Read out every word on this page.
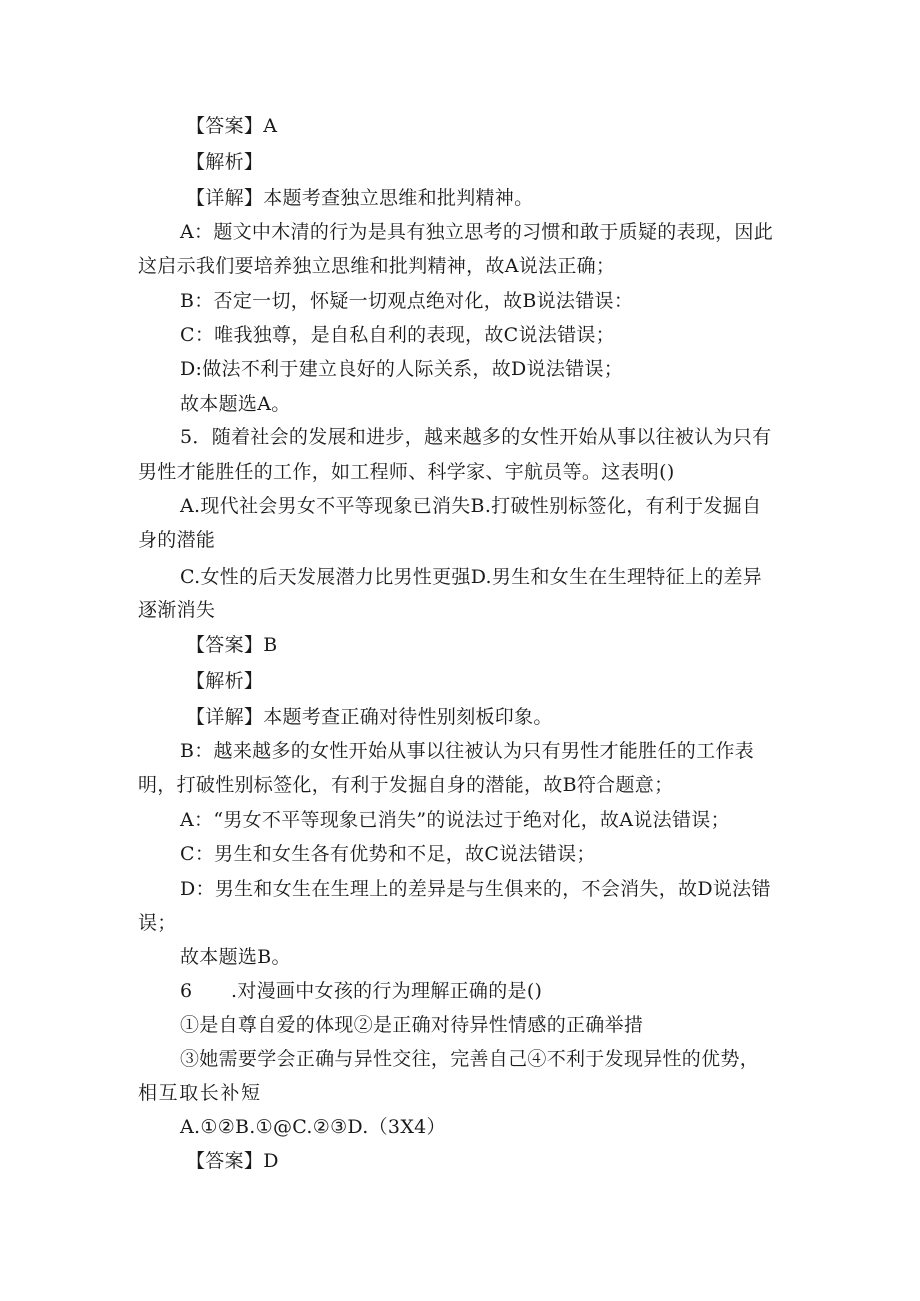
【答案】A
【解析】
【详解】本题考查独立思维和批判精神。
A：题文中木清的行为是具有独立思考的习惯和敢于质疑的表现，因此
这启示我们要培养独立思维和批判精神，故A说法正确；
B：否定一切，怀疑一切观点绝对化，故B说法错误：
C：唯我独尊，是自私自利的表现，故C说法错误；
D:做法不利于建立良好的人际关系，故D说法错误；
故本题选A。
5．随着社会的发展和进步，越来越多的女性开始从事以往被认为只有
男性才能胜任的工作，如工程师、科学家、宇航员等。这表明()
A.现代社会男女不平等现象已消失B.打破性别标签化，有利于发掘自
身的潜能
C.女性的后天发展潜力比男性更强D.男生和女生在生理特征上的差异
逐渐消失
【答案】B
【解析】
【详解】本题考查正确对待性别刻板印象。
B：越来越多的女性开始从事以往被认为只有男性才能胜任的工作表
明，打破性别标签化，有利于发掘自身的潜能，故B符合题意；
A：“男女不平等现象已消失”的说法过于绝对化，故A说法错误；
C：男生和女生各有优势和不足，故C说法错误；
D：男生和女生在生理上的差异是与生俱来的，不会消失，故D说法错
误；
故本题选B。
6　　.对漫画中女孩的行为理解正确的是()
①是自尊自爱的体现②是正确对待异性情感的正确举措
③她需要学会正确与异性交往，完善自己④不利于发现异性的优势，
相互取长补短
A.①②B.①@C.②③D.（3X4）
【答案】D
